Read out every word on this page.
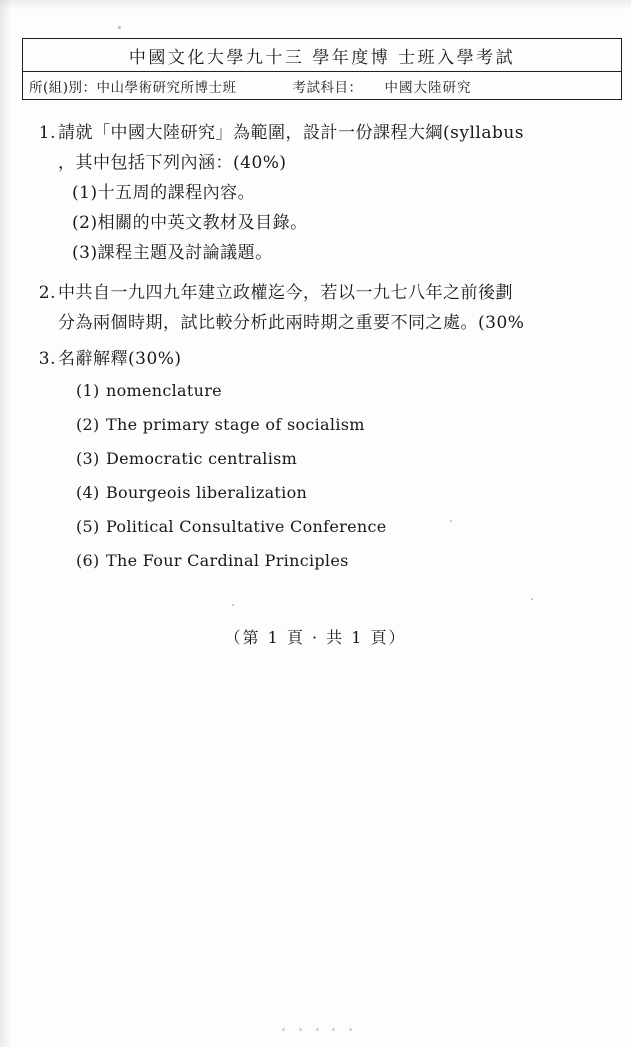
中國文化大學九十三 學年度博 士班入學考試
所(組)別：中山學術研究所博士班	考試科目： 中國大陸研究
1. 請就「中國大陸研究」為範圍，設計一份課程大綱(syllabus
，其中包括下列內涵：(40%)
(1)十五周的課程內容。
(2)相關的中英文教材及目錄。
(3)課程主題及討論議題。
2. 中共自一九四九年建立政權迄今，若以一九七八年之前後劃
分為兩個時期，試比較分析此兩時期之重要不同之處。(30%
3. 名辭解釋(30%)
(1) nomenclature
(2) The primary stage of socialism
(3) Democratic centralism
(4) Bourgeois liberalization
(5) Political Consultative Conference
(6) The Four Cardinal Principles
（第 1 頁 · 共 1 頁）
